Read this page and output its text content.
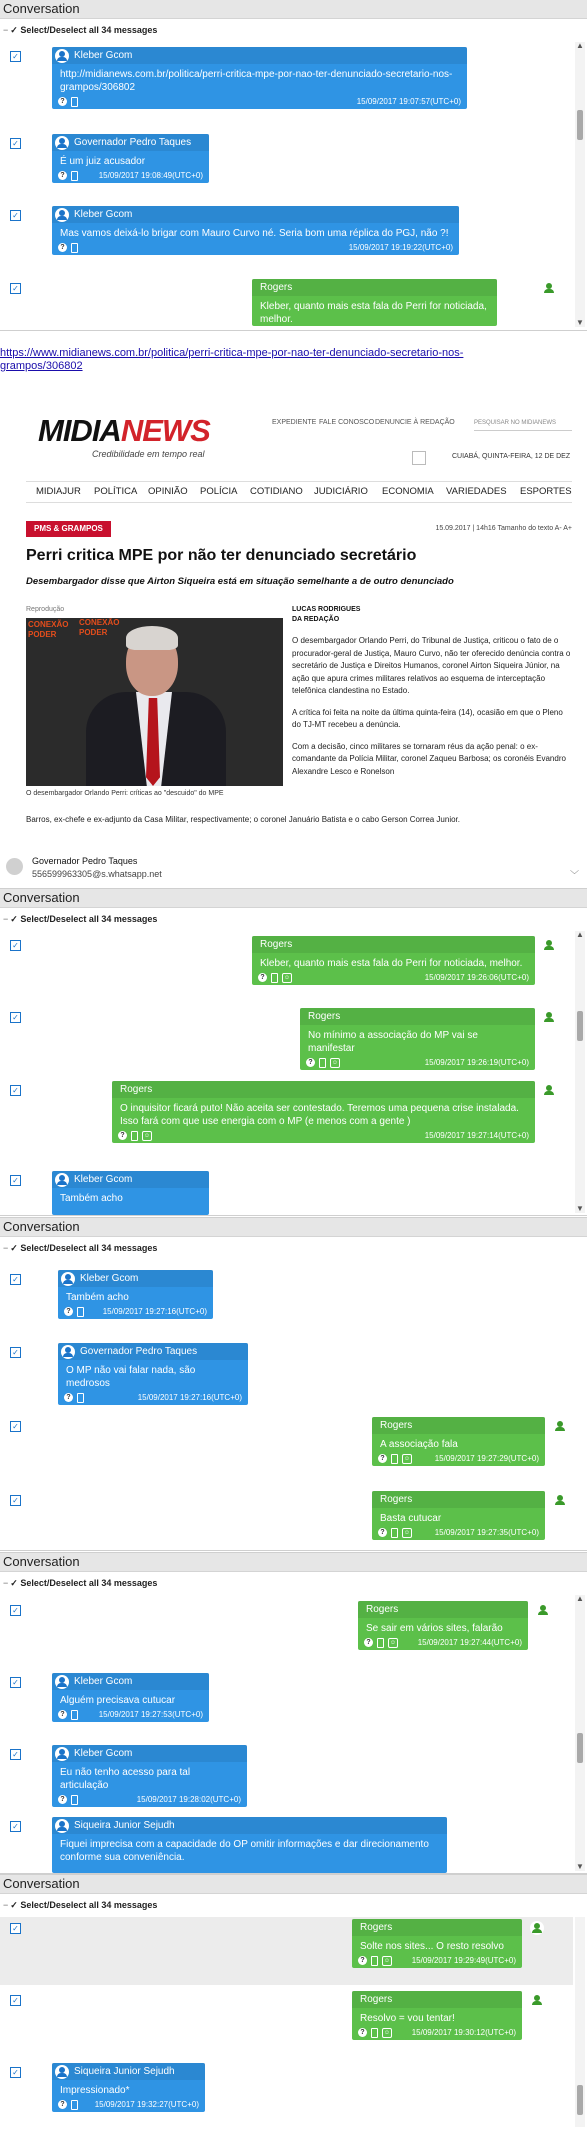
Conversation
− ✓ Select/Deselect all 34 messages
✓	Kleber Gcom
http://midianews.com.br/politica/perri-critica-mpe-por-nao-ter-denunciado-secretario-nos-grampos/306802
?	15/09/2017 19:07:57(UTC+0)
✓	Governador Pedro Taques
É um juiz acusador
?	15/09/2017 19:08:49(UTC+0)
✓	Kleber Gcom
Mas vamos deixá-lo brigar com Mauro Curvo né. Seria bom uma réplica do PGJ, não ?!
?	15/09/2017 19:19:22(UTC+0)
✓	Rogers
Kleber, quanto mais esta fala do Perri for noticiada, melhor.
▲
▼
https://www.midianews.com.br/politica/perri-critica-mpe-por-nao-ter-denunciado-secretario-nos-grampos/306802
MIDIANEWS
Credibilidade em tempo real
EXPEDIENTE FALE CONOSCO DENUNCIE À REDAÇÃO	PESQUISAR NO MIDIANEWS
CUIABÁ, QUINTA-FEIRA, 12 DE DEZ
MIDIAJUR POLÍTICA OPINIÃO POLÍCIA COTIDIANO JUDICIÁRIO ECONOMIA VARIEDADES ESPORTES
PMS & GRAMPOS	15.09.2017 | 14h16 Tamanho do texto A- A+
Perri critica MPE por não ter denunciado secretário
Desembargador disse que Airton Siqueira está em situação semelhante a de outro denunciado
Reprodução
CONEXÃO PODER
CONEXÃO PODER
O desembargador Orlando Perri: críticas ao "descuido" do MPE
LUCAS RODRIGUES
DA REDAÇÃO

O desembargador Orlando Perri, do Tribunal de Justiça, criticou o fato de o procurador-geral de Justiça, Mauro Curvo, não ter oferecido denúncia contra o secretário de Justiça e Direitos Humanos, coronel Airton Siqueira Júnior, na ação que apura crimes militares relativos ao esquema de interceptação telefônica clandestina no Estado.

A crítica foi feita na noite da última quinta-feira (14), ocasião em que o Pleno do TJ-MT recebeu a denúncia.

Com a decisão, cinco militares se tornaram réus da ação penal: o ex-comandante da Polícia Militar, coronel Zaqueu Barbosa; os coronéis Evandro Alexandre Lesco e Ronelson

Barros, ex-chefe e ex-adjunto da Casa Militar, respectivamente; o coronel Januário Batista e o cabo Gerson Correa Junior.
Governador Pedro Taques
556599963305@s.whatsapp.net	﹀
Conversation
− ✓ Select/Deselect all 34 messages
✓	Rogers
Kleber, quanto mais esta fala do Perri for noticiada, melhor.
?	☺	15/09/2017 19:26:06(UTC+0)
✓	Rogers
No mínimo a associação do MP vai se manifestar
?	☺	15/09/2017 19:26:19(UTC+0)
✓	Rogers
O inquisitor ficará puto! Não aceita ser contestado. Teremos uma pequena crise instalada. Isso fará com que use energia com o MP (e menos com a gente )
?	☺	15/09/2017 19:27:14(UTC+0)
✓	Kleber Gcom
Também acho
▲
▼
Conversation
− ✓ Select/Deselect all 34 messages
✓	Kleber Gcom
Também acho
?	15/09/2017 19:27:16(UTC+0)
✓	Governador Pedro Taques
O MP não vai falar nada, são medrosos
?	15/09/2017 19:27:16(UTC+0)
✓	Rogers
A associação fala
?	☺	15/09/2017 19:27:29(UTC+0)
✓	Rogers
Basta cutucar
?	☺	15/09/2017 19:27:35(UTC+0)
Conversation
− ✓ Select/Deselect all 34 messages
✓	Rogers
Se sair em vários sites, falarão
?	☺	15/09/2017 19:27:44(UTC+0)
✓	Kleber Gcom
Alguém precisava cutucar
?	15/09/2017 19:27:53(UTC+0)
✓	Kleber Gcom
Eu não tenho acesso para tal articulação
?	15/09/2017 19:28:02(UTC+0)
✓	Siqueira Junior Sejudh
Fiquei imprecisa com a capacidade do OP omitir informações e dar direcionamento conforme sua conveniência.
▲
▼
Conversation
− ✓ Select/Deselect all 34 messages
✓	Rogers
Solte nos sites... O resto resolvo
?	☺	15/09/2017 19:29:49(UTC+0)
✓	Rogers
Resolvo = vou tentar!
?	☺	15/09/2017 19:30:12(UTC+0)
✓	Siqueira Junior Sejudh
Impressionado*
?	15/09/2017 19:32:27(UTC+0)
